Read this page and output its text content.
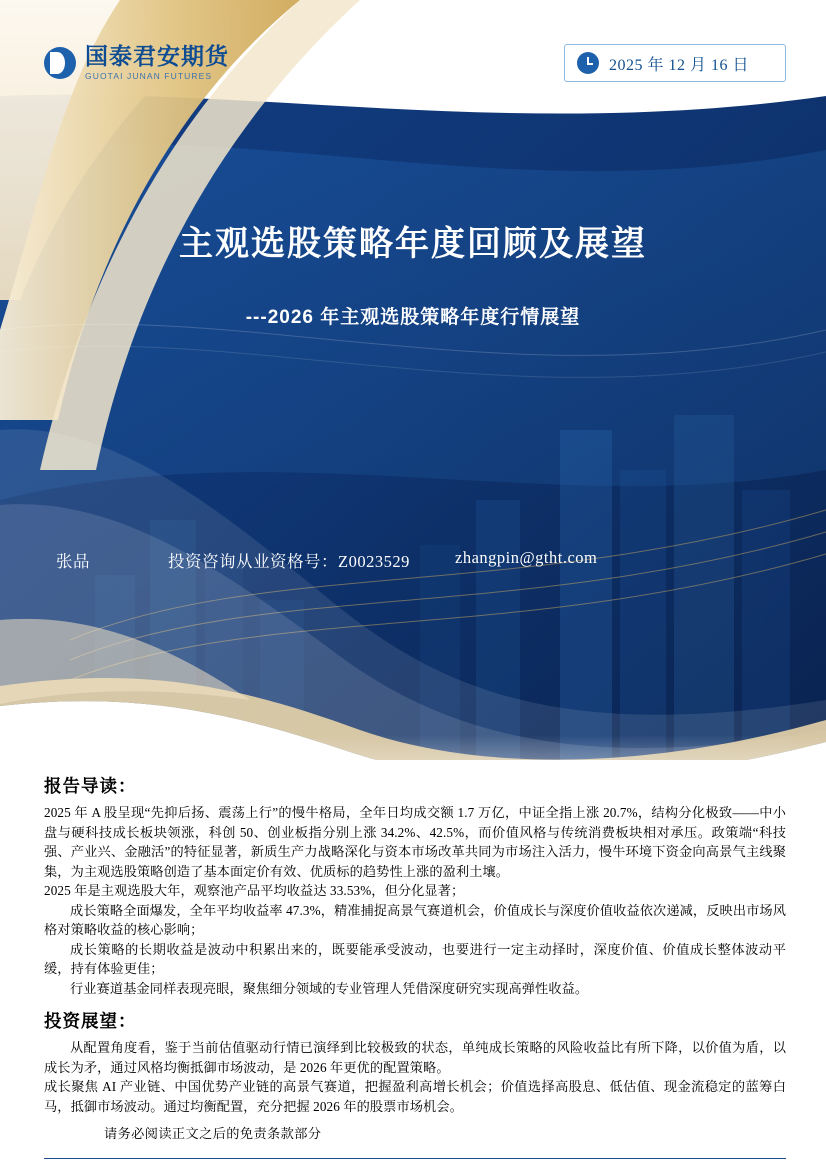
国泰君安期货
GUOTAI JUNAN FUTURES
2025 年 12 月 16 日
主观选股策略年度回顾及展望
---2026 年主观选股策略年度行情展望
张品	投资咨询从业资格号：Z0023529	zhangpin@gtht.com
报告导读：

2025 年 A 股呈现“先抑后扬、震荡上行”的慢牛格局，全年日均成交额 1.7 万亿，中证全指上涨 20.7%，结构分化极致——中小盘与硬科技成长板块领涨，科创 50、创业板指分别上涨 34.2%、42.5%，而价值风格与传统消费板块相对承压。政策端“科技强、产业兴、金融活”的特征显著，新质生产力战略深化与资本市场改革共同为市场注入活力，慢牛环境下资金向高景气主线聚集，为主观选股策略创造了基本面定价有效、优质标的趋势性上涨的盈利土壤。

2025 年是主观选股大年，观察池产品平均收益达 33.53%，但分化显著；

成长策略全面爆发，全年平均收益率 47.3%，精准捕捉高景气赛道机会，价值成长与深度价值收益依次递减，反映出市场风格对策略收益的核心影响；

成长策略的长期收益是波动中积累出来的，既要能承受波动，也要进行一定主动择时，深度价值、价值成长整体波动平缓，持有体验更佳；

行业赛道基金同样表现亮眼，聚焦细分领域的专业管理人凭借深度研究实现高弹性收益。

投资展望：

从配置角度看，鉴于当前估值驱动行情已演绎到比较极致的状态，单纯成长策略的风险收益比有所下降，以价值为盾，以成长为矛，通过风格均衡抵御市场波动，是 2026 年更优的配置策略。

成长聚焦 AI 产业链、中国优势产业链的高景气赛道，把握盈利高增长机会；价值选择高股息、低估值、现金流稳定的蓝筹白马，抵御市场波动。通过均衡配置，充分把握 2026 年的股票市场机会。

请务必阅读正文之后的免责条款部分
